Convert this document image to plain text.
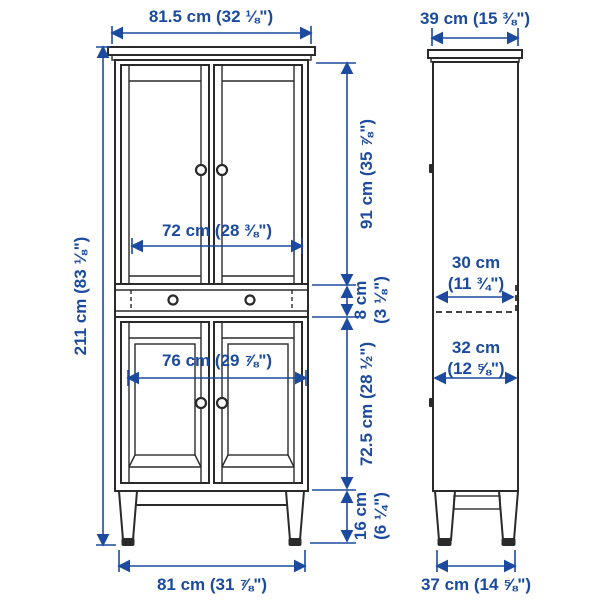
81.5 cm (32 ⅛")
211 cm (83 ⅛")
91 cm (35 ⅞")
8 cm (3 ⅛")
72.5 cm (28 ½")
16 cm (6 ¼")
72 cm (28 ⅜")
76 cm (29 ⅞")
81 cm (31 ⅞")
39 cm (15 ⅜")
30 cm
(11 ¾")
32 cm
(12 ⅝")
37 cm (14 ⅝")
